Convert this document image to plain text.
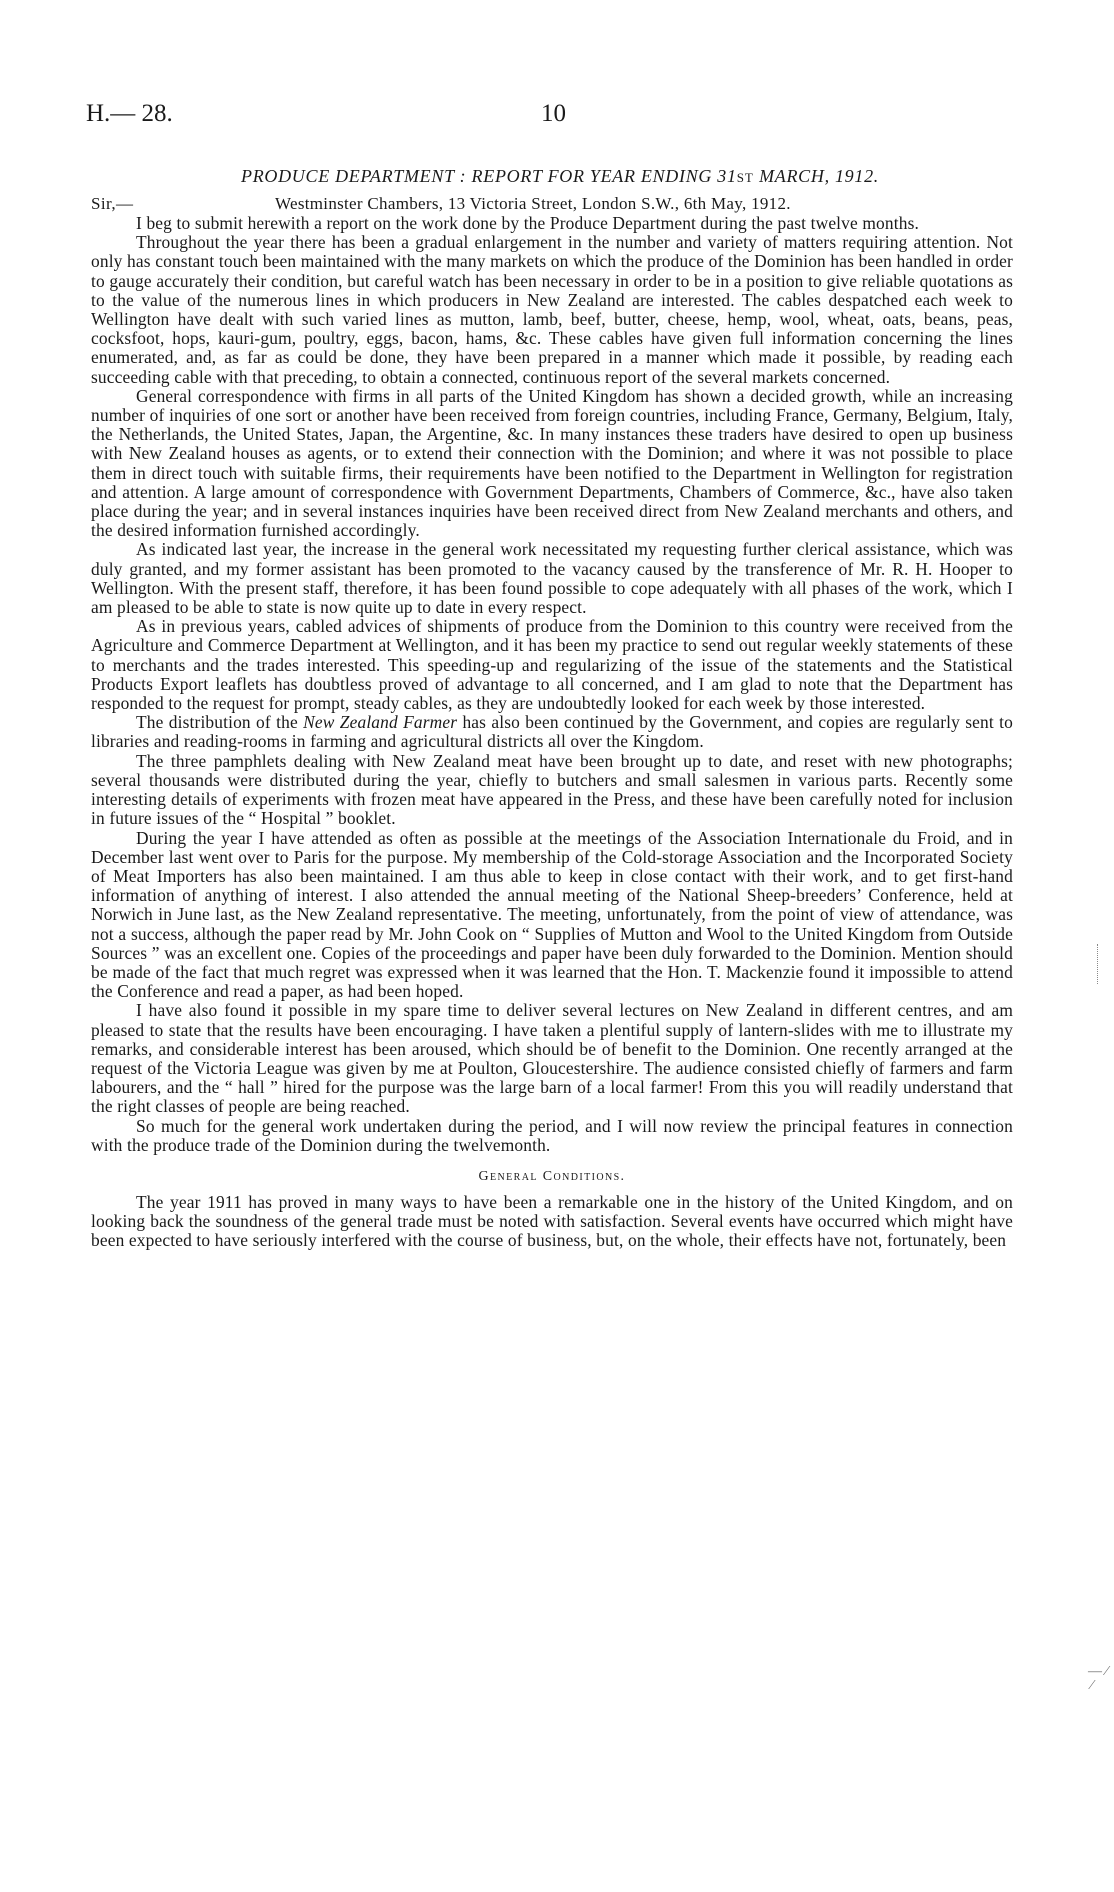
H.— 28.	10
PRODUCE DEPARTMENT : REPORT FOR YEAR ENDING 31ST MARCH, 1912.
Sir,—	Westminster Chambers, 13 Victoria Street, London S.W., 6th May, 1912.

I beg to submit herewith a report on the work done by the Produce Department during the past twelve months.

Throughout the year there has been a gradual enlargement in the number and variety of matters requiring attention. Not only has constant touch been maintained with the many markets on which the produce of the Dominion has been handled in order to gauge accurately their condition, but careful watch has been necessary in order to be in a position to give reliable quotations as to the value of the numerous lines in which producers in New Zealand are interested. The cables despatched each week to Wellington have dealt with such varied lines as mutton, lamb, beef, butter, cheese, hemp, wool, wheat, oats, beans, peas, cocksfoot, hops, kauri-gum, poultry, eggs, bacon, hams, &c. These cables have given full information concerning the lines enumerated, and, as far as could be done, they have been prepared in a manner which made it possible, by reading each succeeding cable with that preceding, to obtain a connected, continuous report of the several markets concerned.

General correspondence with firms in all parts of the United Kingdom has shown a decided growth, while an increasing number of inquiries of one sort or another have been received from foreign countries, including France, Germany, Belgium, Italy, the Netherlands, the United States, Japan, the Argentine, &c. In many instances these traders have desired to open up business with New Zealand houses as agents, or to extend their connection with the Dominion; and where it was not possible to place them in direct touch with suitable firms, their requirements have been notified to the Department in Wellington for registration and attention. A large amount of correspondence with Government Departments, Chambers of Commerce, &c., have also taken place during the year; and in several instances inquiries have been received direct from New Zealand merchants and others, and the desired information furnished accordingly.

As indicated last year, the increase in the general work necessitated my requesting further clerical assistance, which was duly granted, and my former assistant has been promoted to the vacancy caused by the transference of Mr. R. H. Hooper to Wellington. With the present staff, therefore, it has been found possible to cope adequately with all phases of the work, which I am pleased to be able to state is now quite up to date in every respect.

As in previous years, cabled advices of shipments of produce from the Dominion to this country were received from the Agriculture and Commerce Department at Wellington, and it has been my practice to send out regular weekly statements of these to merchants and the trades interested. This speeding-up and regularizing of the issue of the statements and the Statistical Products Export leaflets has doubtless proved of advantage to all concerned, and I am glad to note that the Department has responded to the request for prompt, steady cables, as they are undoubtedly looked for each week by those interested.

The distribution of the New Zealand Farmer has also been continued by the Government, and copies are regularly sent to libraries and reading-rooms in farming and agricultural districts all over the Kingdom.

The three pamphlets dealing with New Zealand meat have been brought up to date, and reset with new photographs; several thousands were distributed during the year, chiefly to butchers and small salesmen in various parts. Recently some interesting details of experiments with frozen meat have appeared in the Press, and these have been carefully noted for inclusion in future issues of the “ Hospital ” booklet.

During the year I have attended as often as possible at the meetings of the Association Internationale du Froid, and in December last went over to Paris for the purpose. My membership of the Cold-storage Association and the Incorporated Society of Meat Importers has also been maintained. I am thus able to keep in close contact with their work, and to get first-hand information of anything of interest. I also attended the annual meeting of the National Sheep-breeders’ Conference, held at Norwich in June last, as the New Zealand representative. The meeting, unfortunately, from the point of view of attendance, was not a success, although the paper read by Mr. John Cook on “ Supplies of Mutton and Wool to the United Kingdom from Outside Sources ” was an excellent one. Copies of the proceedings and paper have been duly forwarded to the Dominion. Mention should be made of the fact that much regret was expressed when it was learned that the Hon. T. Mackenzie found it impossible to attend the Conference and read a paper, as had been hoped.

I have also found it possible in my spare time to deliver several lectures on New Zealand in different centres, and am pleased to state that the results have been encouraging. I have taken a plentiful supply of lantern-slides with me to illustrate my remarks, and considerable interest has been aroused, which should be of benefit to the Dominion. One recently arranged at the request of the Victoria League was given by me at Poulton, Gloucestershire. The audience consisted chiefly of farmers and farm labourers, and the “ hall ” hired for the purpose was the large barn of a local farmer! From this you will readily understand that the right classes of people are being reached.

So much for the general work undertaken during the period, and I will now review the principal features in connection with the produce trade of the Dominion during the twelvemonth.

General Conditions.

The year 1911 has proved in many ways to have been a remarkable one in the history of the United Kingdom, and on looking back the soundness of the general trade must be noted with satisfaction. Several events have occurred which might have been expected to have seriously interfered with the course of business, but, on the whole, their effects have not, fortunately, been

— ⁄
 ⁄
